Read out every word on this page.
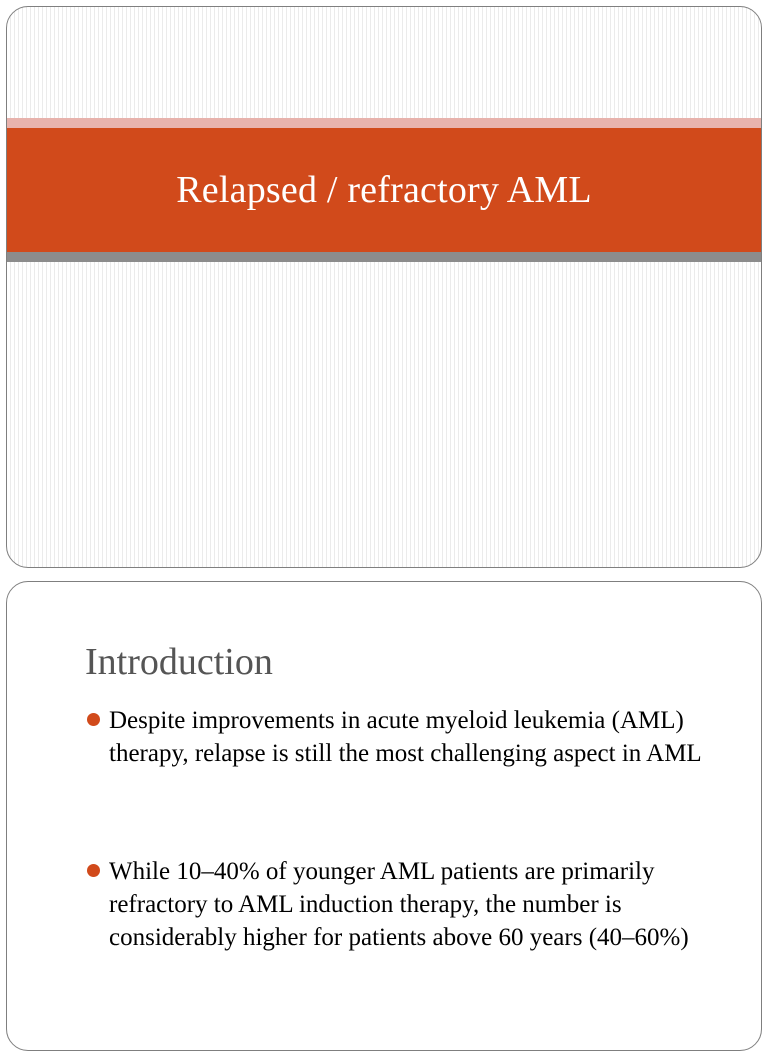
Relapsed / refractory AML
Introduction
Despite improvements in acute myeloid leukemia (AML) therapy, relapse is still the most challenging aspect in AML
While 10–40% of younger AML patients are primarily refractory to AML induction therapy, the number is considerably higher for patients above 60 years (40–60%)
